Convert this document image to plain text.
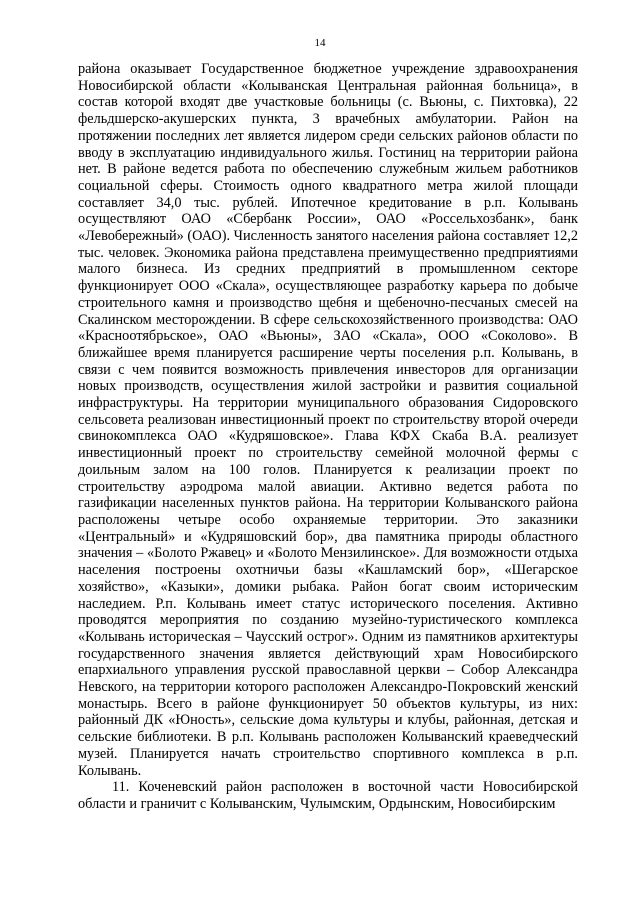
14

района оказывает Государственное бюджетное учреждение здравоохранения Новосибирской области «Колыванская Центральная районная больница», в состав которой входят две участковые больницы (с. Вьюны, с. Пихтовка), 22 фельдшерско-акушерских пункта, 3 врачебных амбулатории. Район на протяжении последних лет является лидером среди сельских районов области по вводу в эксплуатацию индивидуального жилья. Гостиниц на территории района нет. В районе ведется работа по обеспечению служебным жильем работников социальной сферы. Стоимость одного квадратного метра жилой площади составляет 34,0 тыс. рублей. Ипотечное кредитование в р.п. Колывань осуществляют ОАО «Сбербанк России», ОАО «Россельхозбанк», банк «Левобережный» (ОАО). Численность занятого населения района составляет 12,2 тыс. человек. Экономика района представлена преимущественно предприятиями малого бизнеса. Из средних предприятий в промышленном секторе функционирует ООО «Скала», осуществляющее разработку карьера по добыче строительного камня и производство щебня и щебеночно-песчаных смесей на Скалинском месторождении. В сфере сельскохозяйственного производства: ОАО «Красноотябрьское», ОАО «Вьюны», ЗАО «Скала», ООО «Соколово». В ближайшее время планируется расширение черты поселения р.п. Колывань, в связи с чем появится возможность привлечения инвесторов для организации новых производств, осуществления жилой застройки и развития социальной инфраструктуры. На территории муниципального образования Сидоровского сельсовета реализован инвестиционный проект по строительству второй очереди свинокомплекса ОАО «Кудряшовское». Глава КФХ Скаба В.А. реализует инвестиционный проект по строительству семейной молочной фермы с доильным залом на 100 голов. Планируется к реализации проект по строительству аэродрома малой авиации. Активно ведется работа по газификации населенных пунктов района. На территории Колыванского района расположены четыре особо охраняемые территории. Это заказники «Центральный» и «Кудряшовский бор», два памятника природы областного значения – «Болото Ржавец» и «Болото Мензилинское». Для возможности отдыха населения построены охотничьи базы «Кашламский бор», «Шегарское хозяйство», «Казыки», домики рыбака. Район богат своим историческим наследием. Р.п. Колывань имеет статус исторического поселения. Активно проводятся мероприятия по созданию музейно-туристического комплекса «Колывань историческая – Чаусский острог». Одним из памятников архитектуры государственного значения является действующий храм Новосибирского епархиального управления русской православной церкви – Собор Александра Невского, на территории которого расположен Александро-Покровский женский монастырь. Всего в районе функционирует 50 объектов культуры, из них: районный ДК «Юность», сельские дома культуры и клубы, районная, детская и сельские библиотеки. В р.п. Колывань расположен Колыванский краеведческий музей. Планируется начать строительство спортивного комплекса в р.п. Колывань.

11. Коченевский район расположен в восточной части Новосибирской области и граничит с Колыванским, Чулымским, Ордынским, Новосибирским
